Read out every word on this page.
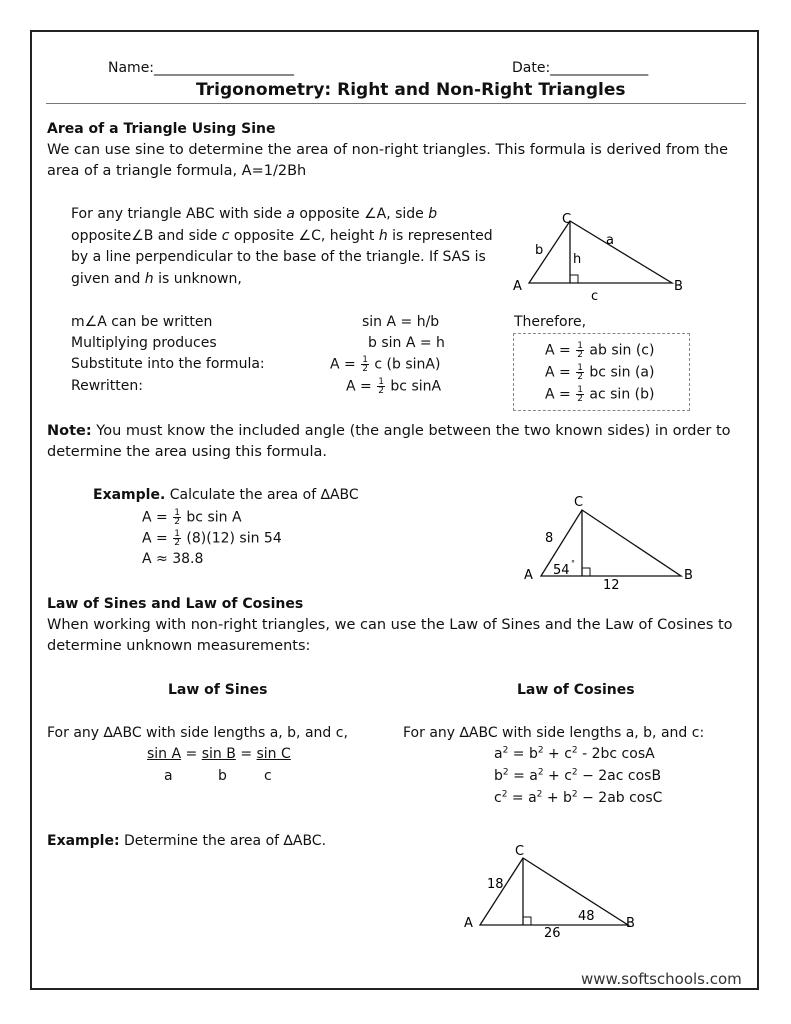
Name:____________________	Date:______________
Trigonometry: Right and Non-Right Triangles
Area of a Triangle Using Sine
We can use sine to determine the area of non-right triangles. This formula is derived from the
area of a triangle formula, A=1/2Bh
For any triangle ABC with side a opposite ∠A, side b
opposite∠B and side c opposite ∠C, height h is represented
by a line perpendicular to the base of the triangle. If SAS is
given and h is unknown,
C
a
b
h
A	B
c
m∠A can be written	sin A = h/b
Multiplying produces	b sin A = h
Substitute into the formula:	$A = \frac{1}{2}$ c (b sinA)
Rewritten:	$A = \frac{1}{2}$ bc sinA
Therefore,
$A = \frac{1}{2}$ ab sin (c)
$A = \frac{1}{2}$ bc sin (a)
$A = \frac{1}{2}$ ac sin (b)
Note: You must know the included angle (the angle between the two known sides) in order to
determine the area using this formula.
Example. Calculate the area of ∆ABC
$A = \frac{1}{2}$ bc sin A
$A = \frac{1}{2} (8)(12)$ sin 54
A ≈ 38.8
C
8
54 °
A	B
12
Law of Sines and Law of Cosines
When working with non-right triangles, we can use the Law of Sines and the Law of Cosines to
determine unknown measurements:
Law of Sines	Law of Cosines
For any ∆ABC with side lengths a, b, and c,
sin A = sin B = sin C
a	b	c
For any ∆ABC with side lengths a, b, and c:
$a^2 = b^2 + c^2 - 2bc$ cosA
$b^2 = a^2 + c^2 - 2ac$ cosB
$c^2 = a^2 + b^2 - 2ab$ cosC
Example: Determine the area of ∆ABC.
C
18
A	B
48
26
www.softschools.com
